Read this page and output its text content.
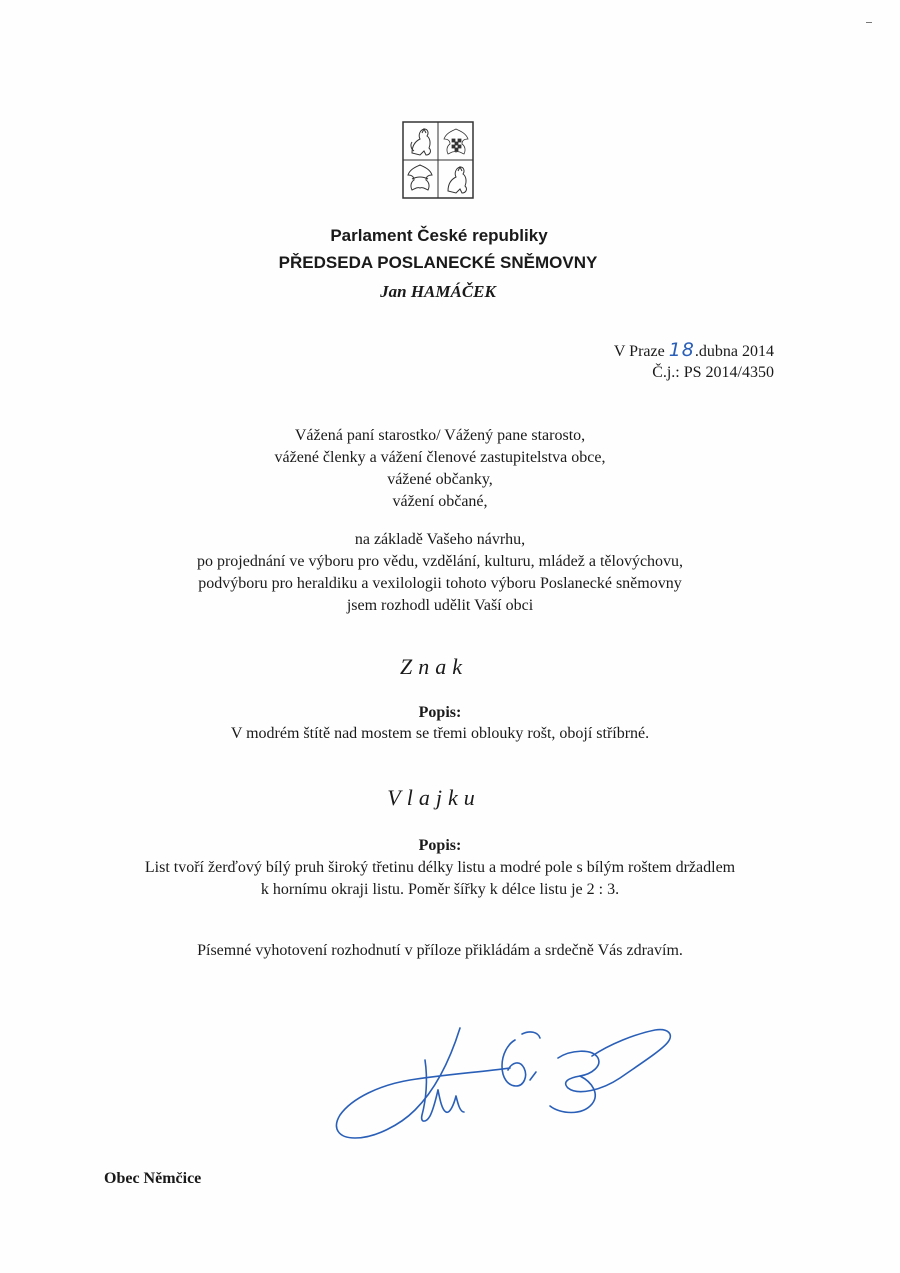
Parlament České republiky
PŘEDSEDA POSLANECKÉ SNĚMOVNY
Jan HAMÁČEK
V Praze 18.dubna 2014
Č.j.: PS 2014/4350
Vážená paní starostko/ Vážený pane starosto,
vážené členky a vážení členové zastupitelstva obce,
vážené občanky,
vážení občané,
na základě Vašeho návrhu,
po projednání ve výboru pro vědu, vzdělání, kulturu, mládež a tělovýchovu,
podvýboru pro heraldiku a vexilologii tohoto výboru Poslanecké sněmovny
jsem rozhodl udělit Vaší obci
Znak
Popis:
V modrém štítě nad mostem se třemi oblouky rošt, obojí stříbrné.
Vlajku
Popis:
List tvoří žerďový bílý pruh široký třetinu délky listu a modré pole s bílým roštem držadlem
k hornímu okraji listu. Poměr šířky k délce listu je 2 : 3.
Písemné vyhotovení rozhodnutí v příloze přikládám a srdečně Vás zdravím.
Obec Němčice
